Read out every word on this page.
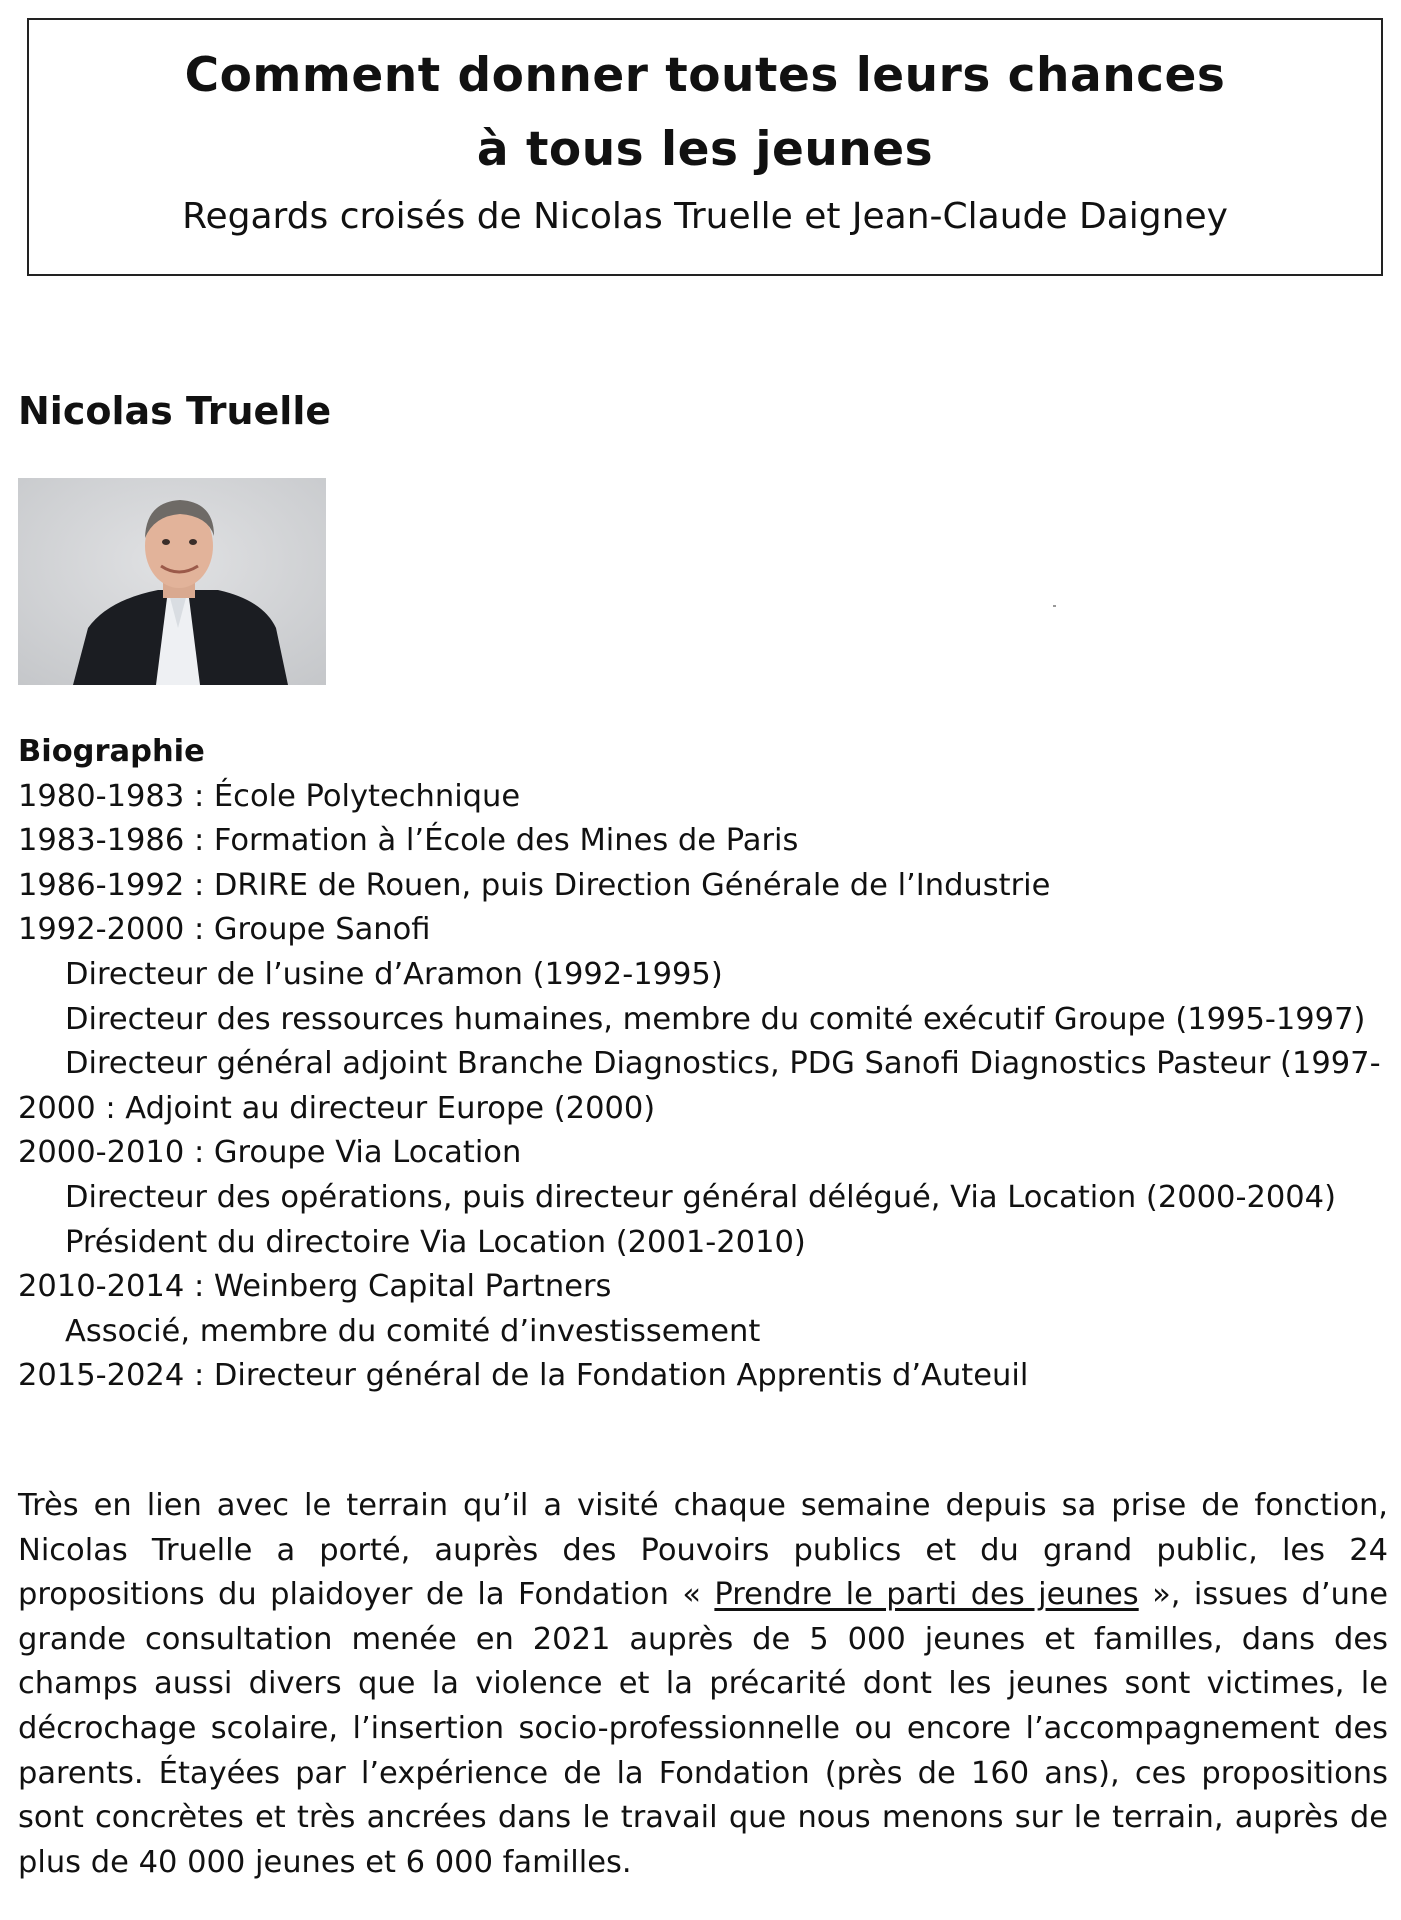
Comment donner toutes leurs chances
à tous les jeunes
Regards croisés de Nicolas Truelle et Jean-Claude Daigney
Nicolas Truelle
Biographie
1980-1983 : École Polytechnique
1983-1986 : Formation à l’École des Mines de Paris
1986-1992 : DRIRE de Rouen, puis Direction Générale de l’Industrie
1992-2000 : Groupe Sanofi
Directeur de l’usine d’Aramon (1992-1995)
Directeur des ressources humaines, membre du comité exécutif Groupe (1995-1997)
Directeur général adjoint Branche Diagnostics, PDG Sanofi Diagnostics Pasteur (1997-
2000 : Adjoint au directeur Europe (2000)
2000-2010 : Groupe Via Location
Directeur des opérations, puis directeur général délégué, Via Location (2000-2004)
Président du directoire Via Location (2001-2010)
2010-2014 : Weinberg Capital Partners
Associé, membre du comité d’investissement
2015-2024 : Directeur général de la Fondation Apprentis d’Auteuil
Très en lien avec le terrain qu’il a visité chaque semaine depuis sa prise de fonction, Nicolas Truelle a porté, auprès des Pouvoirs publics et du grand public, les 24 propositions du plaidoyer de la Fondation « Prendre le parti des jeunes », issues d’une grande consultation menée en 2021 auprès de 5 000 jeunes et familles, dans des champs aussi divers que la violence et la précarité dont les jeunes sont victimes, le décrochage scolaire, l’insertion socio-professionnelle ou encore l’accompagnement des parents. Étayées par l’expérience de la Fondation (près de 160 ans), ces propositions sont concrètes et très ancrées dans le travail que nous menons sur le terrain, auprès de plus de 40 000 jeunes et 6 000 familles.
